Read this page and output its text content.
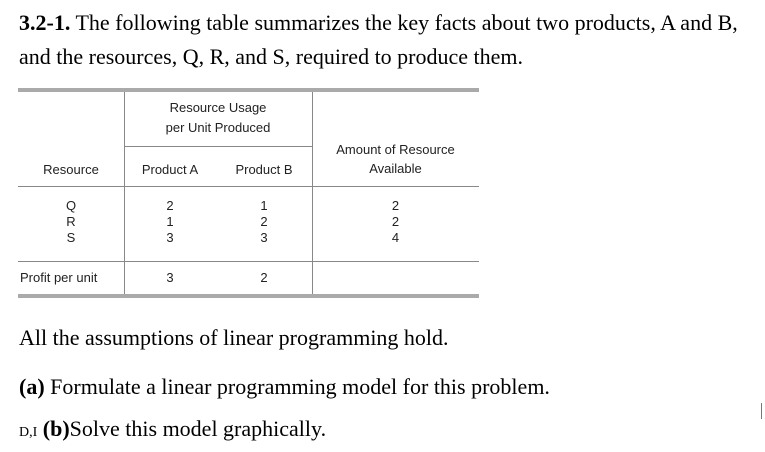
3.2-1. The following table summarizes the key facts about two products, A and B, and the resources, Q, R, and S, required to produce them.
Resource Usage
per Unit Produced
Amount of Resource
Available
Resource	Product A	Product B
Q	2	1	2
R	1	2	2
S	3	3	4
Profit per unit	3	2
All the assumptions of linear programming hold.
(a) Formulate a linear programming model for this problem.
D,I (b)Solve this model graphically.
